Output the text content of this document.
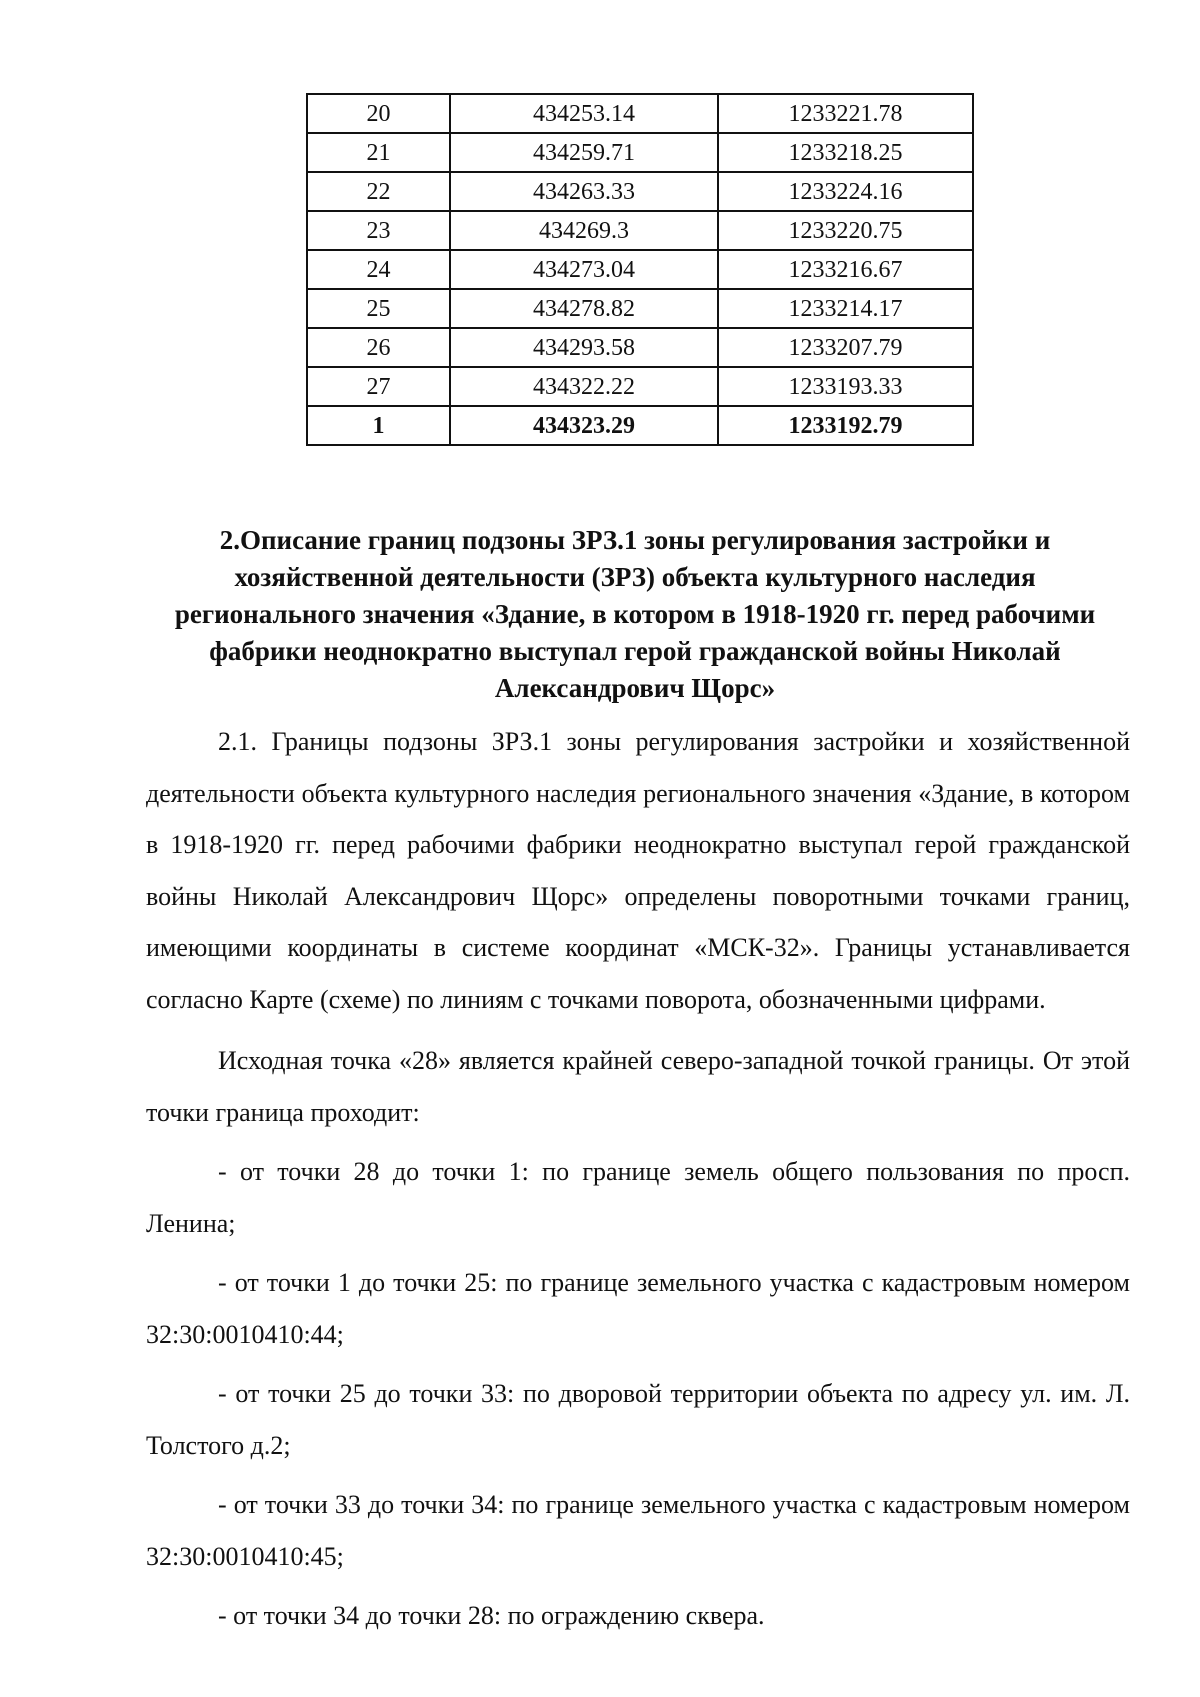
20	434253.14	1233221.78
21	434259.71	1233218.25
22	434263.33	1233224.16
23	434269.3	1233220.75
24	434273.04	1233216.67
25	434278.82	1233214.17
26	434293.58	1233207.79
27	434322.22	1233193.33
1	434323.29	1233192.79
2.Описание границ подзоны ЗРЗ.1 зоны регулирования застройки и
хозяйственной деятельности (ЗРЗ) объекта культурного наследия
регионального значения «Здание, в котором в 1918-1920 гг. перед рабочими
фабрики неоднократно выступал герой гражданской войны Николай
Александрович Щорс»

2.1. Границы подзоны ЗРЗ.1 зоны регулирования застройки и хозяйственной деятельности объекта культурного наследия регионального значения «Здание, в котором в 1918-1920 гг. перед рабочими фабрики неоднократно выступал герой гражданской войны Николай Александрович Щорс» определены поворотными точками границ, имеющими координаты в системе координат «МСК-32». Границы устанавливается согласно Карте (схеме) по линиям с точками поворота, обозначенными цифрами.

Исходная точка «28» является крайней северо-западной точкой границы. От этой точки граница проходит:

- от точки 28 до точки 1: по границе земель общего пользования по просп. Ленина;

- от точки 1 до точки 25: по границе земельного участка с кадастровым номером 32:30:0010410:44;

- от точки 25 до точки 33: по дворовой территории объекта по адресу ул. им. Л. Толстого д.2;

- от точки 33 до точки 34: по границе земельного участка с кадастровым номером 32:30:0010410:45;

- от точки 34 до точки 28: по ограждению сквера.
